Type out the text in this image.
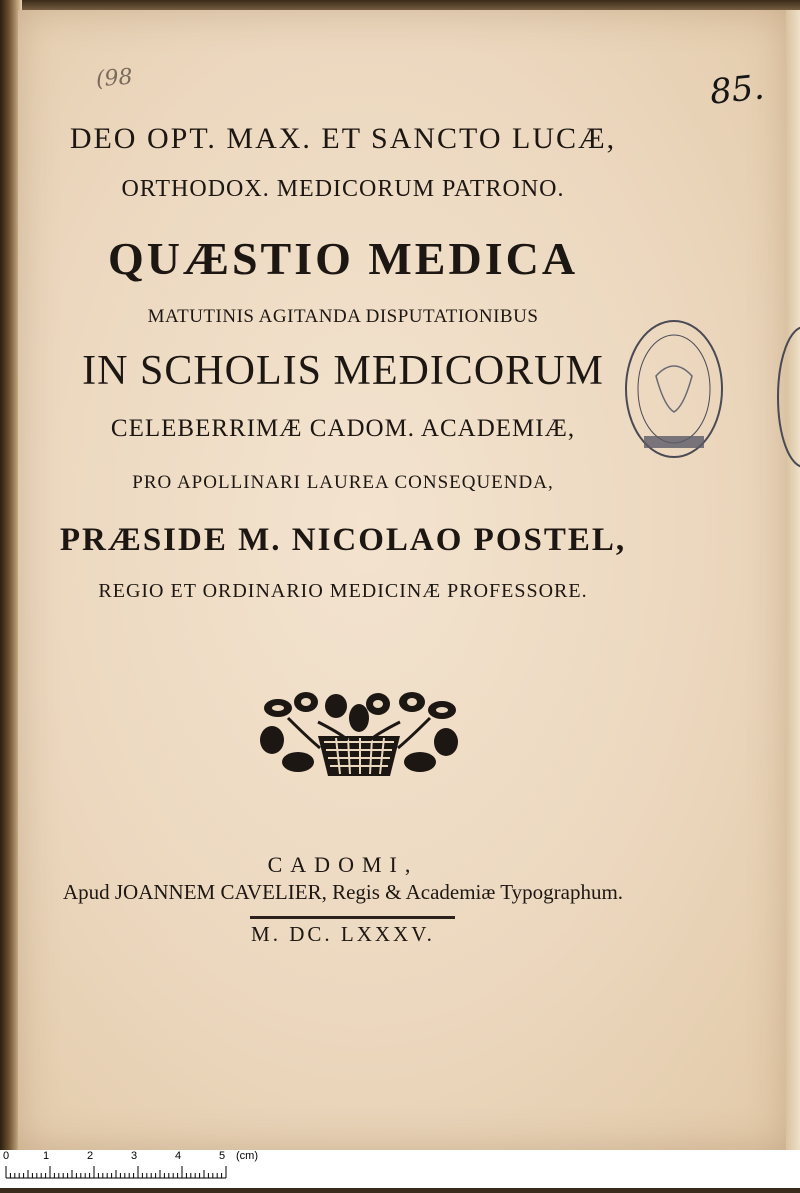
(98	85.
DEO OPT. MAX. ET SANCTO LUCÆ,
ORTHODOX. MEDICORUM PATRONO.
QUÆSTIO MEDICA
MATUTINIS AGITANDA DISPUTATIONIBUS
IN SCHOLIS MEDICORUM
CELEBERRIMÆ CADOM. ACADEMIÆ,
PRO APOLLINARI LAUREA CONSEQUENDA,
PRÆSIDE M. NICOLAO POSTEL,
REGIO ET ORDINARIO MEDICINÆ PROFESSORE.
CADOMI,
Apud JOANNEM CAVELIER, Regis & Academiæ Typographum.
M. DC. LXXXV.
0	1	2	3	4	5 (cm)
